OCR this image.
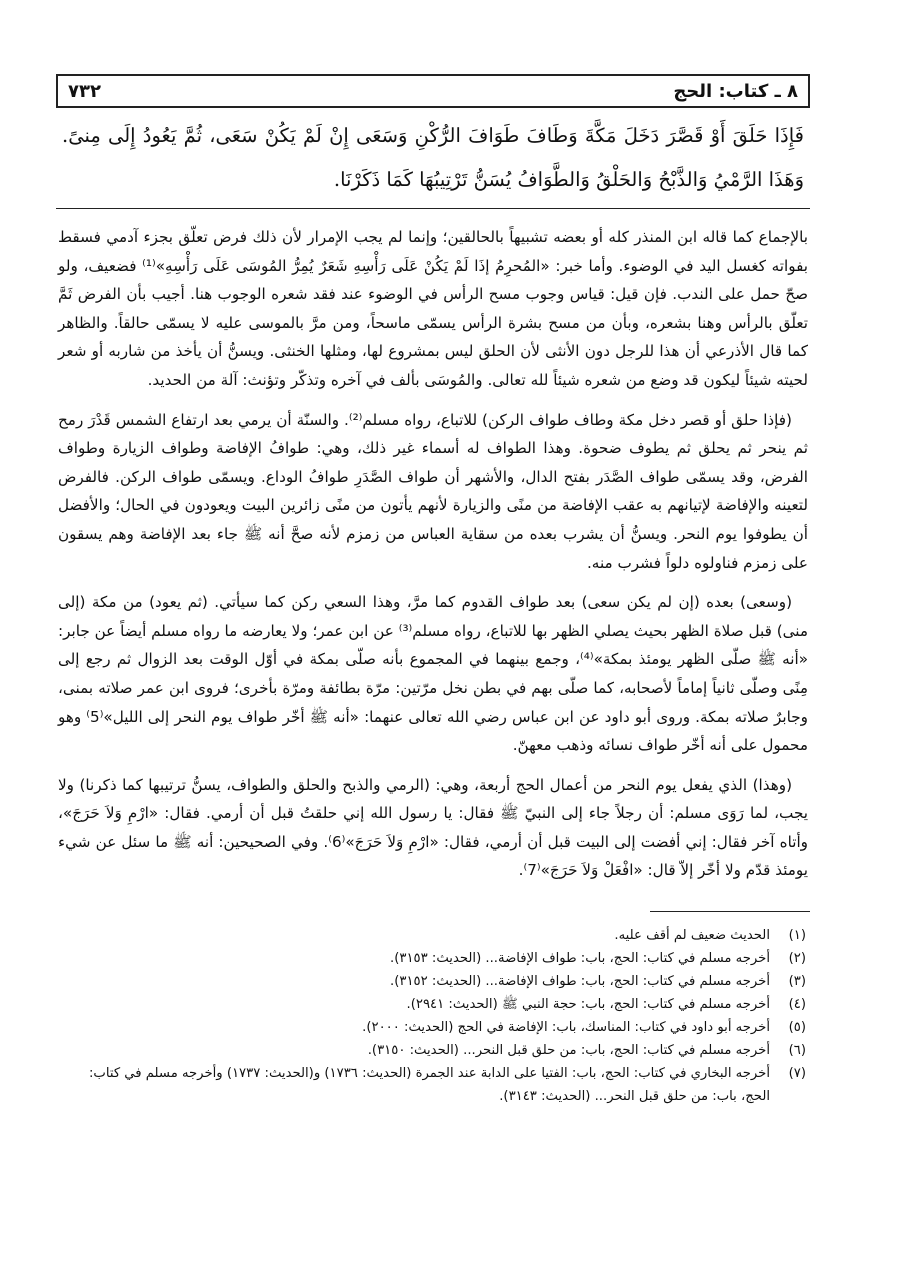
٨ ـ كتاب: الحج
٧٣٢
فَإِذَا حَلَقَ أَوْ قَصَّرَ دَخَلَ مَكَّةَ وَطَافَ طَوَافَ الرُّكْنِ وَسَعَى إِنْ لَمْ يَكُنْ سَعَى، ثُمَّ يَعُودُ إِلَى مِنىً. وَهَذَا الرَّمْيُ وَالذَّبْحُ وَالحَلْقُ وَالطَّوَافُ يُسَنُّ تَرْتِيبُهَا كَمَا ذَكَرْنَا.

بالإجماع كما قاله ابن المنذر كله أو بعضه تشبيهاً بالحالقين؛ وإنما لم يجب الإمرار لأن ذلك فرض تعلّق بجزء آدمي فسقط بفواته كغسل اليد في الوضوء. وأما خبر: «المُحرِمُ إذَا لَمْ يَكُنْ عَلَى رَأْسِهِ شَعَرٌ يُمِرُّ المُوسَى عَلَى رَأْسِهِ»⁽¹⁾ فضعيف، ولو صحّ حمل على الندب. فإن قيل: قياس وجوب مسح الرأس في الوضوء عند فقد شعره الوجوب هنا. أجيب بأن الفرض ثَمَّ تعلّق بالرأس وهنا بشعره، وبأن من مسح بشرة الرأس يسمّى ماسحاً، ومن مرَّ بالموسى عليه لا يسمّى حالقاً. والظاهر كما قال الأذرعي أن هذا للرجل دون الأنثى لأن الحلق ليس بمشروع لها، ومثلها الخنثى. ويسنُّ أن يأخذ من شاربه أو شعر لحيته شيئاً ليكون قد وضع من شعره شيئاً لله تعالى. والمُوسَى بألف في آخره وتذكّر وتؤنث: آلة من الحديد.

(فإذا حلق أو قصر دخل مكة وطاف طواف الركن) للاتباع، رواه مسلم⁽²⁾. والسنّة أن يرمي بعد ارتفاع الشمس قَدْرَ رمح ثم ينحر ثم يحلق ثم يطوف ضحوة. وهذا الطواف له أسماء غير ذلك، وهي: طوافُ الإفاضة وطواف الزيارة وطواف الفرض، وقد يسمّى طواف الصَّدَر بفتح الدال، والأشهر أن طواف الصَّدَرِ طوافُ الوداع. ويسمّى طواف الركن. فالفرض لتعينه والإفاضة لإتيانهم به عقب الإفاضة من منًى والزيارة لأنهم يأتون من منًى زائرين البيت ويعودون في الحال؛ والأفضل أن يطوفوا يوم النحر. ويسنُّ أن يشرب بعده من سقاية العباس من زمزم لأنه صحَّ أنه ﷺ جاء بعد الإفاضة وهم يسقون على زمزم فناولوه دلواً فشرب منه.

(وسعى) بعده (إن لم يكن سعى) بعد طواف القدوم كما مرَّ، وهذا السعي ركن كما سيأتي. (ثم يعود) من مكة (إلى منى) قبل صلاة الظهر بحيث يصلي الظهر بها للاتباع، رواه مسلم⁽³⁾ عن ابن عمر؛ ولا يعارضه ما رواه مسلم أيضاً عن جابر: «أنه ﷺ صلّى الظهر يومئذ بمكة»⁽⁴⁾، وجمع بينهما في المجموع بأنه صلّى بمكة في أوّل الوقت بعد الزوال ثم رجع إلى مِنًى وصلّى ثانياً إماماً لأصحابه، كما صلّى بهم في بطن نخل مرّتين: مرّة بطائفة ومرّة بأخرى؛ فروى ابن عمر صلاته بمنى، وجابرٌ صلاته بمكة. وروى أبو داود عن ابن عباس رضي الله تعالى عنهما: «أنه ﷺ أخّر طواف يوم النحر إلى الليل»⁽5⁾ وهو محمول على أنه أخّر طواف نسائه وذهب معهنّ.

(وهذا) الذي يفعل يوم النحر من أعمال الحج أربعة، وهي: (الرمي والذبح والحلق والطواف، يسنُّ ترتيبها كما ذكرنا) ولا يجب، لما رَوَى مسلم: أن رجلاً جاء إلى النبيّ ﷺ فقال: يا رسول الله إني حلقتُ قبل أن أرمي. فقال: «ارْمِ وَلاَ حَرَجَ»، وأتاه آخر فقال: إني أفضت إلى البيت قبل أن أرمي، فقال: «ارْمِ وَلاَ حَرَجَ»⁽6⁾. وفي الصحيحين: أنه ﷺ ما سئل عن شيء يومئذ قدّم ولا أخّر إلاّ قال: «افْعَلْ وَلاَ حَرَجَ»⁽7⁾.

(١)
الحديث ضعيف لم أقف عليه.
(٢)
أخرجه مسلم في كتاب: الحج، باب: طواف الإفاضة... (الحديث: ٣١٥٣).
(٣)
أخرجه مسلم في كتاب: الحج، باب: طواف الإفاضة... (الحديث: ٣١٥٢).
(٤)
أخرجه مسلم في كتاب: الحج، باب: حجة النبي ﷺ (الحديث: ٢٩٤١).
(٥)
أخرجه أبو داود في كتاب: المناسك، باب: الإفاضة في الحج (الحديث: ٢٠٠٠).
(٦)
أخرجه مسلم في كتاب: الحج، باب: من حلق قبل النحر... (الحديث: ٣١٥٠).
(٧)
أخرجه البخاري في كتاب: الحج، باب: الفتيا على الدابة عند الجمرة (الحديث: ١٧٣٦) و(الحديث: ١٧٣٧) وأخرجه مسلم في كتاب: الحج، باب: من حلق قبل النحر... (الحديث: ٣١٤٣).
